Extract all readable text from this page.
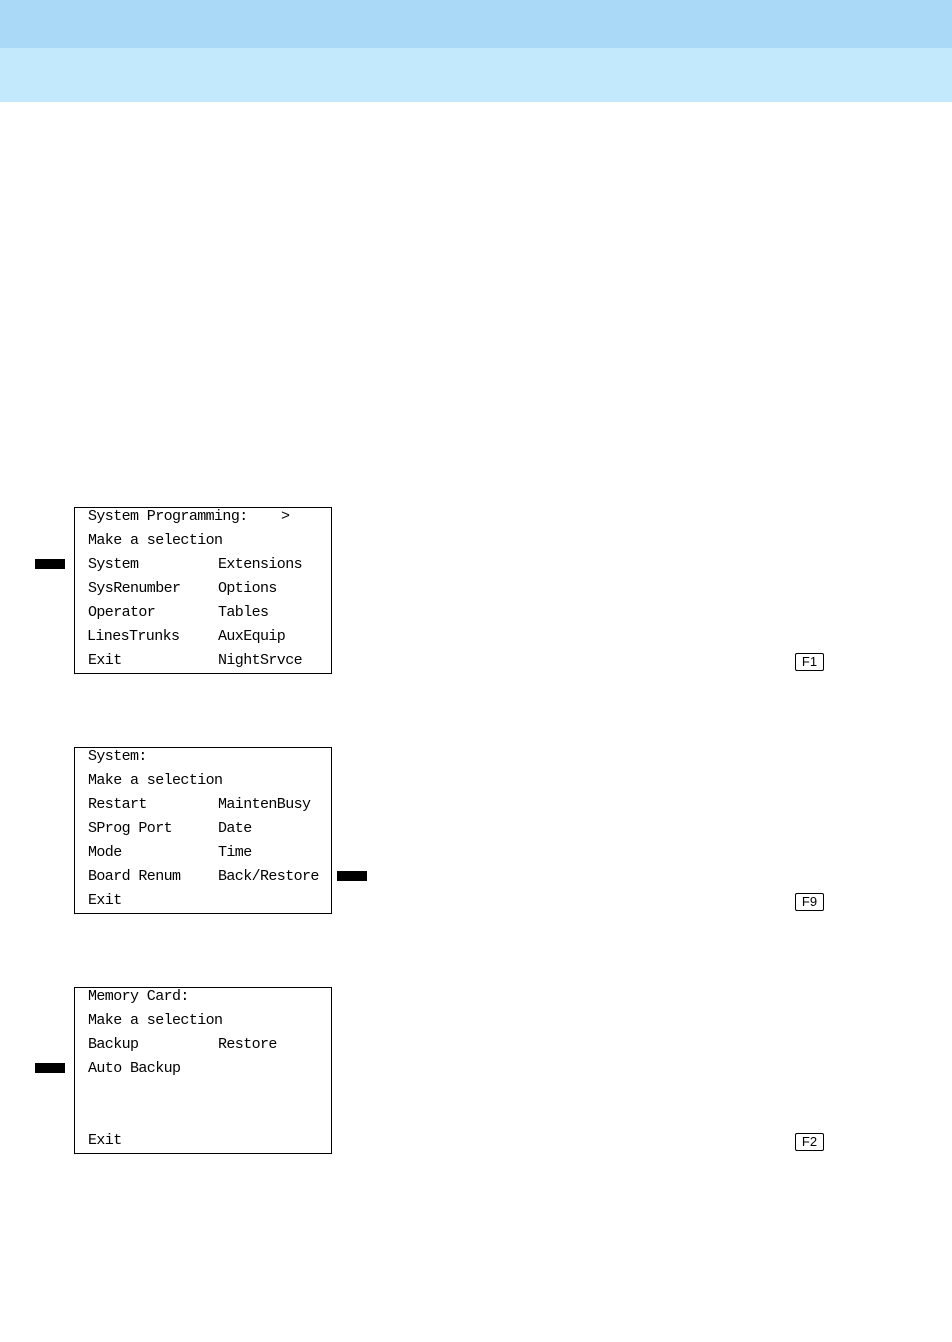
System Programming: >
Make a selection
System	Extensions
SysRenumber	Options
Operator	Tables
LinesTrunks	AuxEquip
Exit	NightSrvce	F1
System:
Make a selection
Restart	MaintenBusy
SProg Port	Date
Mode	Time
Board Renum	Back/Restore
Exit	F9
Memory Card:
Make a selection
Backup	Restore
Auto Backup
Exit	F2
